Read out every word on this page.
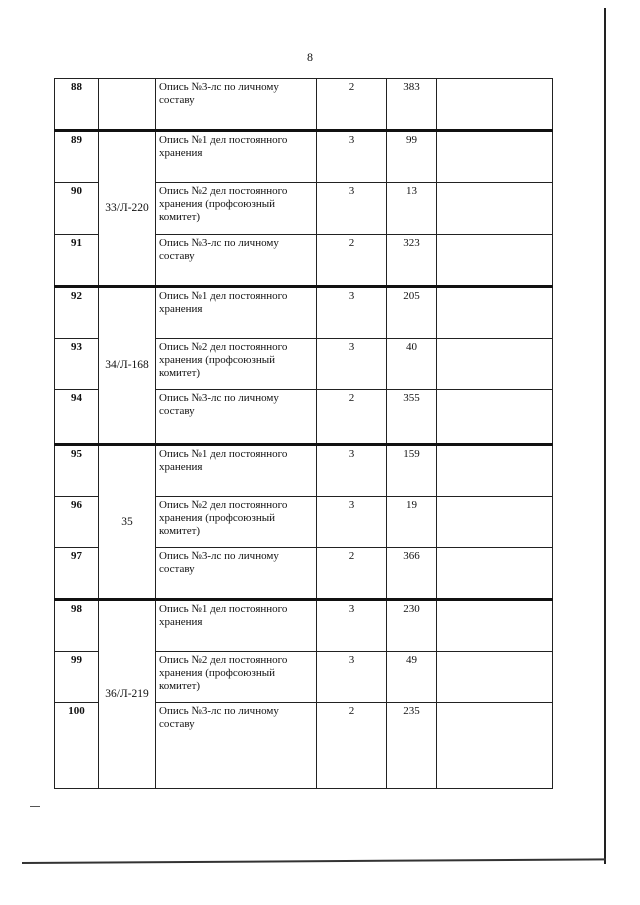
8
88		Опись №3-лс по личному составу	2	383	
89	33/Л-220	Опись №1 дел постоянного хранения	3	99	
90		Опись №2 дел постоянного хранения (профсоюзный комитет)	3	13	
91		Опись №3-лс по личному составу	2	323	
92	34/Л-168	Опись №1 дел постоянного хранения	3	205	
93		Опись №2 дел постоянного хранения (профсоюзный комитет)	3	40	
94		Опись №3-лс по личному составу	2	355	
95	35	Опись №1 дел постоянного хранения	3	159	
96		Опись №2 дел постоянного хранения (профсоюзный комитет)	3	19	
97		Опись №3-лс по личному составу	2	366	
98	36/Л-219	Опись №1 дел постоянного хранения	3	230	
99		Опись №2 дел постоянного хранения (профсоюзный комитет)	3	49	
100		Опись №3-лс по личному составу	2	235	
